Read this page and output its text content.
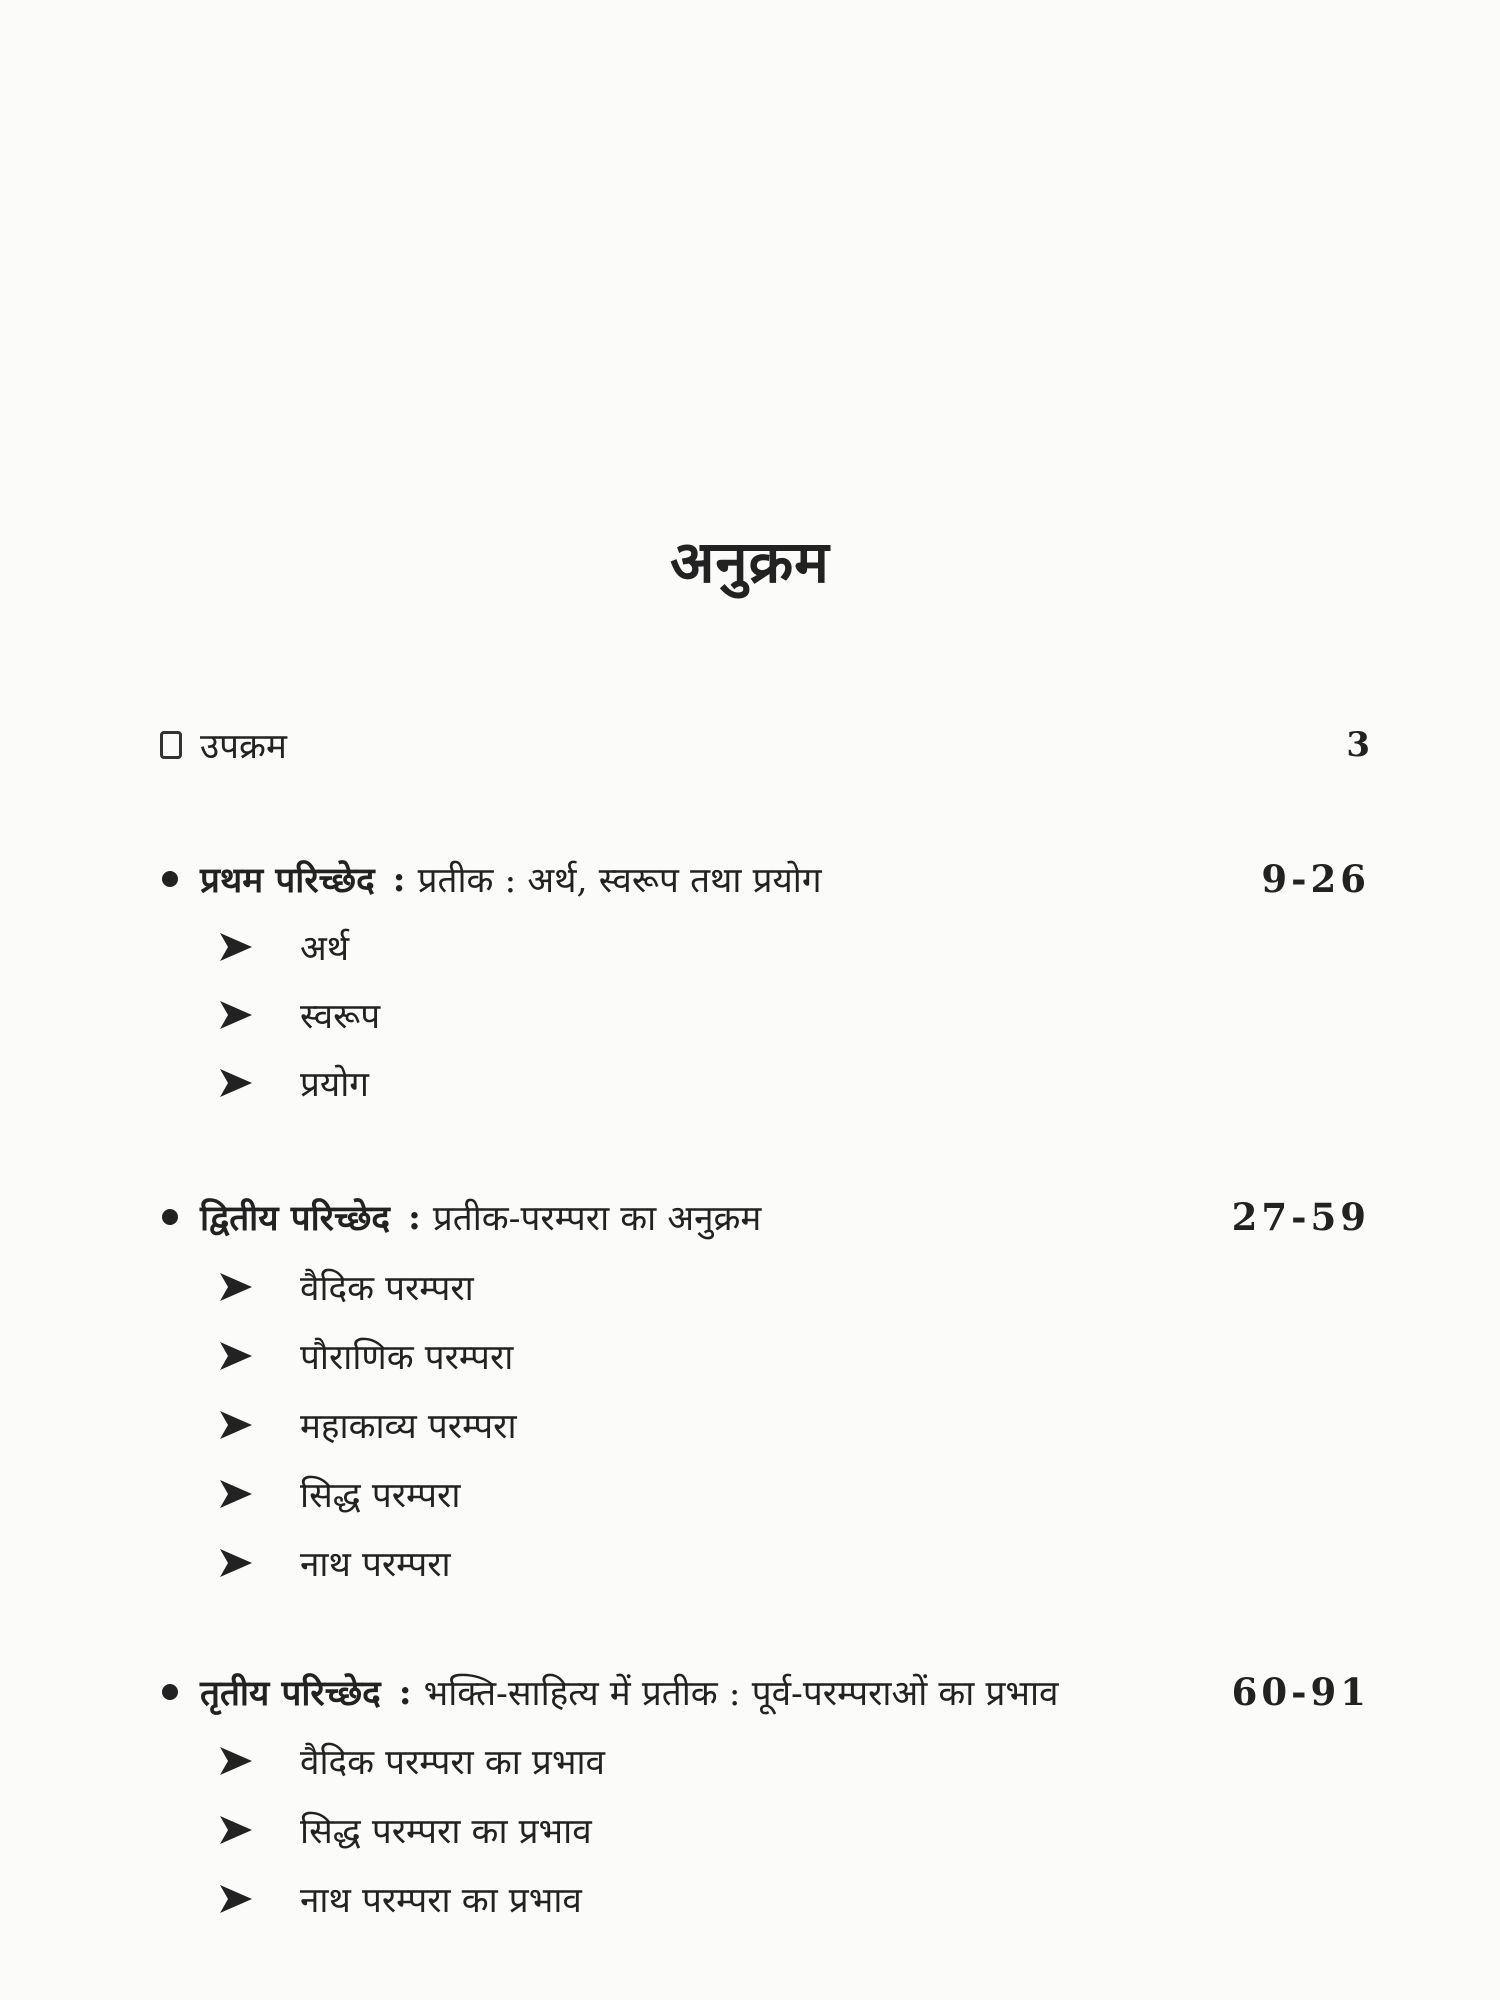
अनुक्रम
उपक्रम	3
प्रथम परिच्छेद : प्रतीक : अर्थ, स्वरूप तथा प्रयोग	9-26
अर्थ
स्वरूप
प्रयोग
द्वितीय परिच्छेद : प्रतीक-परम्परा का अनुक्रम	27-59
वैदिक परम्परा
पौराणिक परम्परा
महाकाव्य परम्परा
सिद्ध परम्परा
नाथ परम्परा
तृतीय परिच्छेद : भक्ति-साहित्य में प्रतीक : पूर्व-परम्पराओं का प्रभाव	60-91
वैदिक परम्परा का प्रभाव
सिद्ध परम्परा का प्रभाव
नाथ परम्परा का प्रभाव
